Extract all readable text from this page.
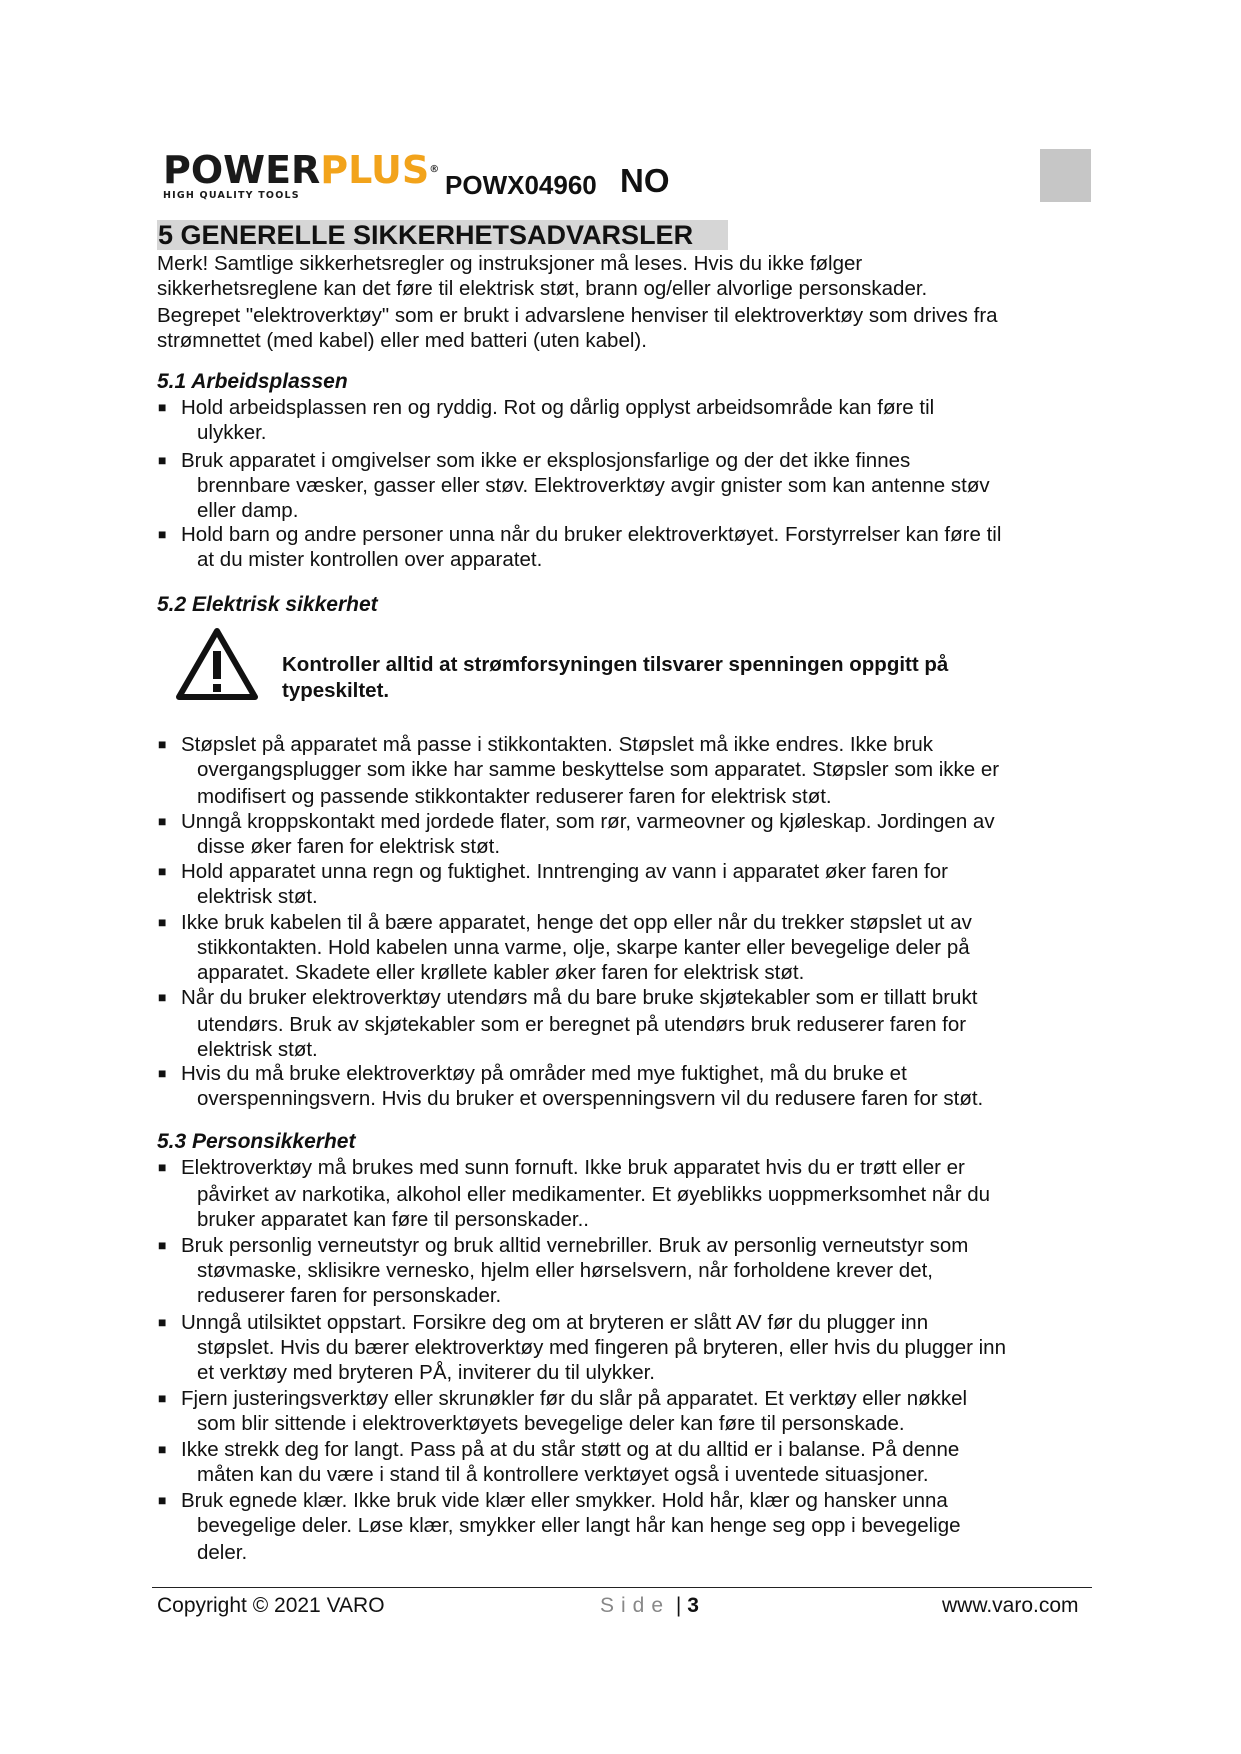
POWERPLUS®
HIGH QUALITY TOOLS	POWX04960 NO
5 GENERELLE SIKKERHETSADVARSLER
Merk! Samtlige sikkerhetsregler og instruksjoner må leses. Hvis du ikke følger
sikkerhetsreglene kan det føre til elektrisk støt, brann og/eller alvorlige personskader.
Begrepet "elektroverktøy" som er brukt i advarslene henviser til elektroverktøy som drives fra
strømnettet (med kabel) eller med batteri (uten kabel).
5.1 Arbeidsplassen
■ Hold arbeidsplassen ren og ryddig. Rot og dårlig opplyst arbeidsområde kan føre til
ulykker.
■ Bruk apparatet i omgivelser som ikke er eksplosjonsfarlige og der det ikke finnes
brennbare væsker, gasser eller støv. Elektroverktøy avgir gnister som kan antenne støv
eller damp.
■ Hold barn og andre personer unna når du bruker elektroverktøyet. Forstyrrelser kan føre til
at du mister kontrollen over apparatet.
5.2 Elektrisk sikkerhet
Kontroller alltid at strømforsyningen tilsvarer spenningen oppgitt på
typeskiltet.
■ Støpslet på apparatet må passe i stikkontakten. Støpslet må ikke endres. Ikke bruk
overgangsplugger som ikke har samme beskyttelse som apparatet. Støpsler som ikke er
modifisert og passende stikkontakter reduserer faren for elektrisk støt.
■ Unngå kroppskontakt med jordede flater, som rør, varmeovner og kjøleskap. Jordingen av
disse øker faren for elektrisk støt.
■ Hold apparatet unna regn og fuktighet. Inntrenging av vann i apparatet øker faren for
elektrisk støt.
■ Ikke bruk kabelen til å bære apparatet, henge det opp eller når du trekker støpslet ut av
stikkontakten. Hold kabelen unna varme, olje, skarpe kanter eller bevegelige deler på
apparatet. Skadete eller krøllete kabler øker faren for elektrisk støt.
■ Når du bruker elektroverktøy utendørs må du bare bruke skjøtekabler som er tillatt brukt
utendørs. Bruk av skjøtekabler som er beregnet på utendørs bruk reduserer faren for
elektrisk støt.
■ Hvis du må bruke elektroverktøy på områder med mye fuktighet, må du bruke et
overspenningsvern. Hvis du bruker et overspenningsvern vil du redusere faren for støt.
5.3 Personsikkerhet
■ Elektroverktøy må brukes med sunn fornuft. Ikke bruk apparatet hvis du er trøtt eller er
påvirket av narkotika, alkohol eller medikamenter. Et øyeblikks uoppmerksomhet når du
bruker apparatet kan føre til personskader..
■ Bruk personlig verneutstyr og bruk alltid vernebriller. Bruk av personlig verneutstyr som
støvmaske, sklisikre vernesko, hjelm eller hørselsvern, når forholdene krever det,
reduserer faren for personskader.
■ Unngå utilsiktet oppstart. Forsikre deg om at bryteren er slått AV før du plugger inn
støpslet. Hvis du bærer elektroverktøy med fingeren på bryteren, eller hvis du plugger inn
et verktøy med bryteren PÅ, inviterer du til ulykker.
■ Fjern justeringsverktøy eller skrunøkler før du slår på apparatet. Et verktøy eller nøkkel
som blir sittende i elektroverktøyets bevegelige deler kan føre til personskade.
■ Ikke strekk deg for langt. Pass på at du står støtt og at du alltid er i balanse. På denne
måten kan du være i stand til å kontrollere verktøyet også i uventede situasjoner.
■ Bruk egnede klær. Ikke bruk vide klær eller smykker. Hold hår, klær og hansker unna
bevegelige deler. Løse klær, smykker eller langt hår kan henge seg opp i bevegelige
deler.
Copyright © 2021 VARO	Side | 3	www.varo.com
